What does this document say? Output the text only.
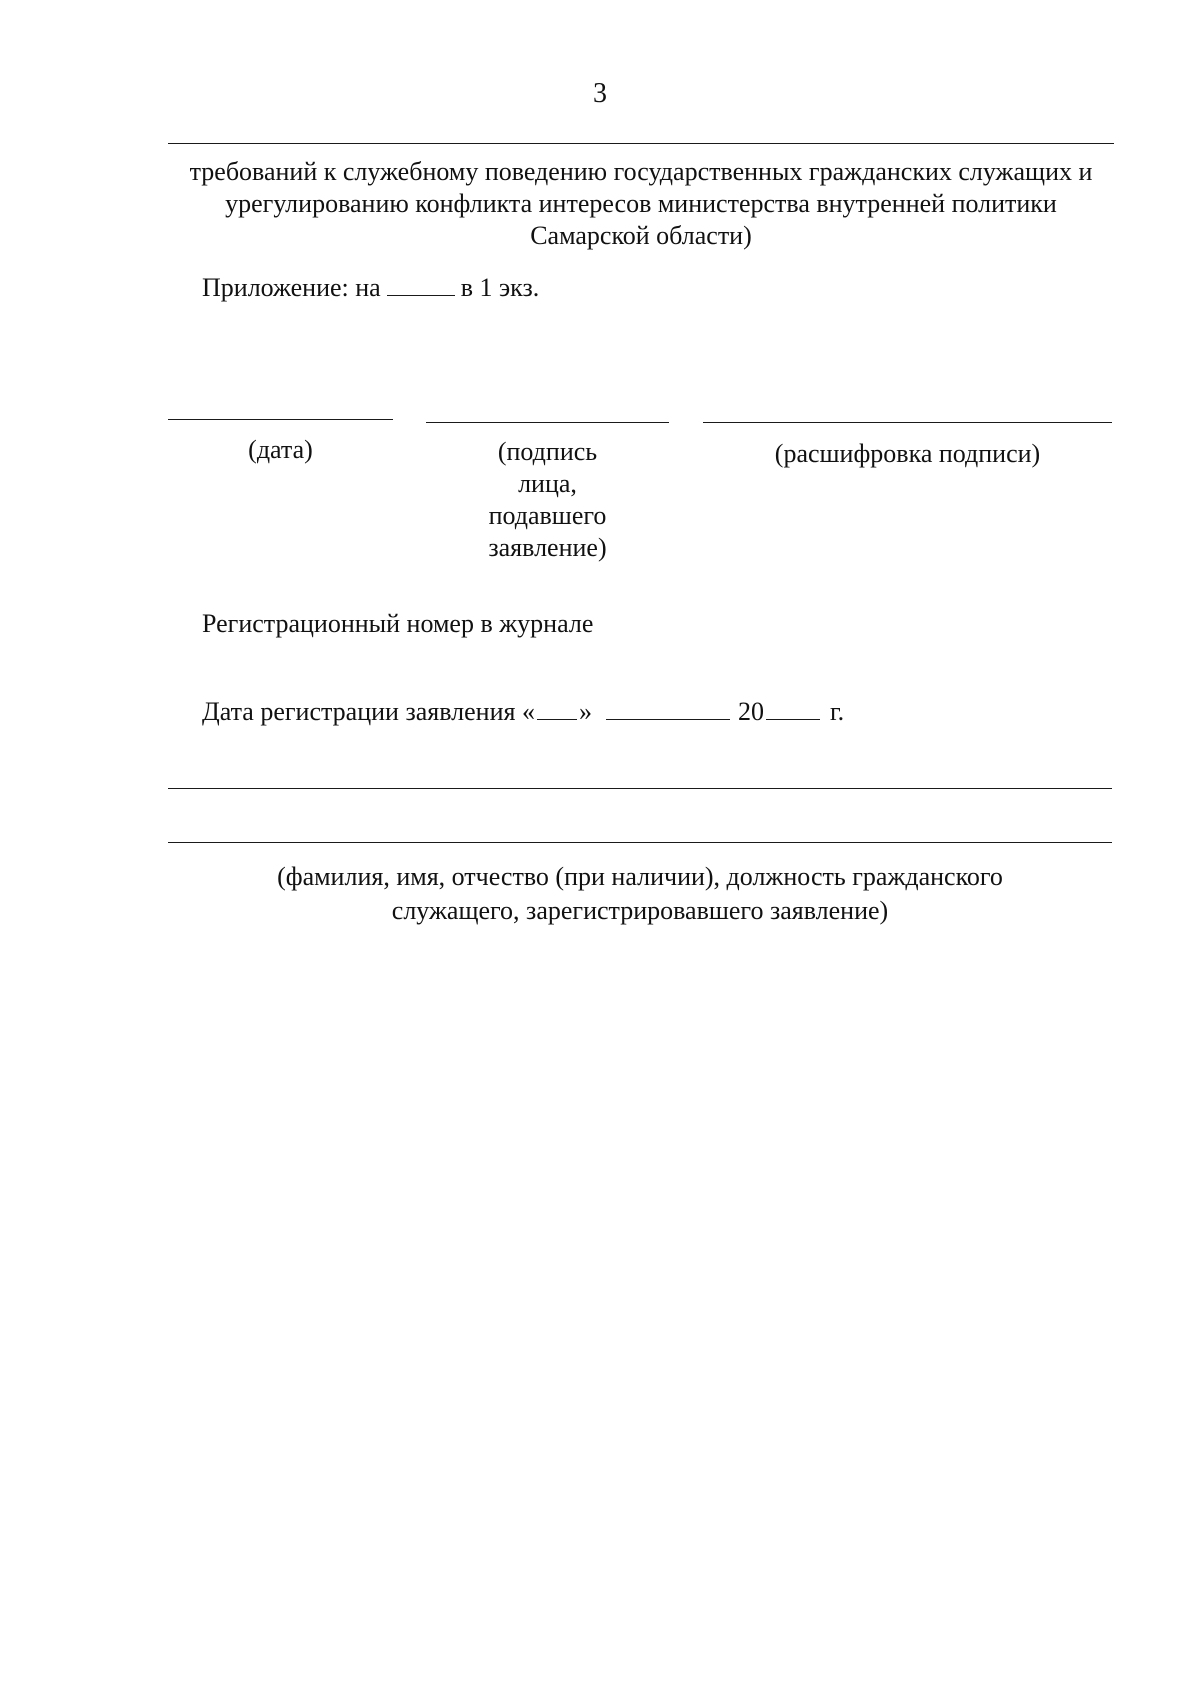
3
требований к служебному поведению государственных гражданских служащих и урегулированию конфликта интересов министерства внутренней политики Самарской области)
Приложение: на	в 1 экз.
(дата)	(подпись лица, подавшего заявление)
(расшифровка подписи)
Регистрационный номер в журнале
Дата регистрации заявления « »	20	г.
(фамилия, имя, отчество (при наличии), должность гражданского служащего, зарегистрировавшего заявление)
